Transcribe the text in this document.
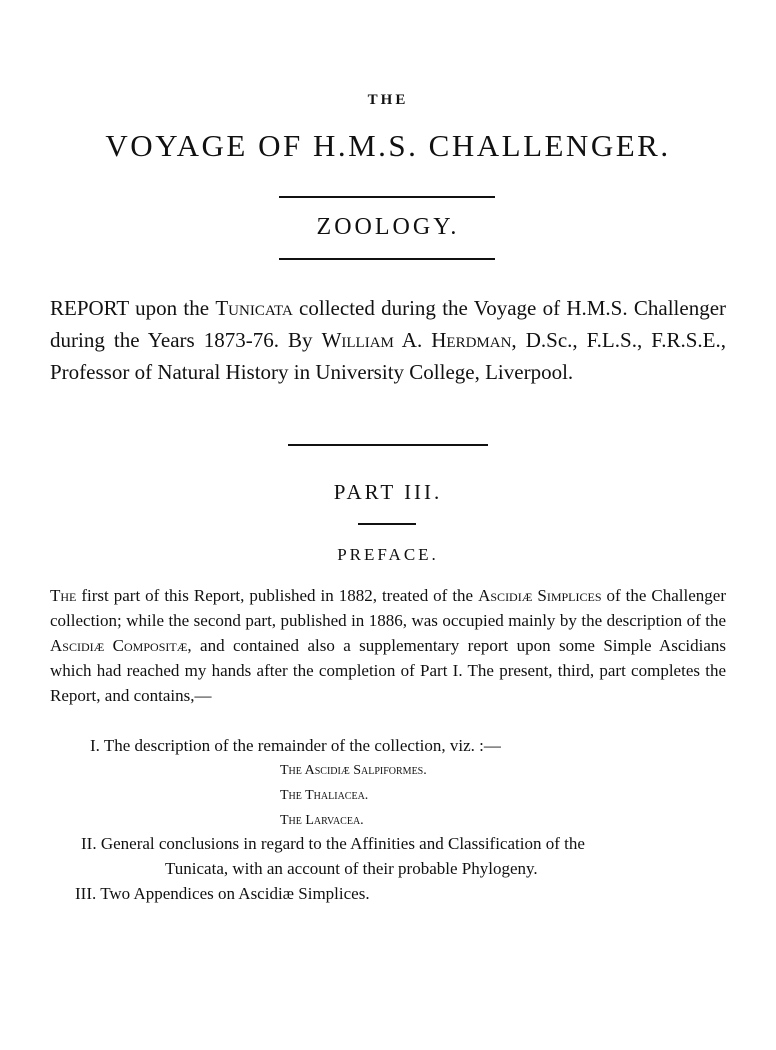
THE
VOYAGE OF H.M.S. CHALLENGER.
ZOOLOGY.
REPORT upon the Tunicata collected during the Voyage of H.M.S. Challenger during the Years 1873-76. By William A. Herdman, D.Sc., F.L.S., F.R.S.E., Professor of Natural History in University College, Liverpool.
PART III.
PREFACE.

The first part of this Report, published in 1882, treated of the Ascidiæ Simplices of the Challenger collection; while the second part, published in 1886, was occupied mainly by the description of the Ascidiæ Compositæ, and contained also a supplementary report upon some Simple Ascidians which had reached my hands after the completion of Part I. The present, third, part completes the Report, and contains,—

I. The description of the remainder of the collection, viz. :—
The Ascidiæ Salpiformes.
The Thaliacea.
The Larvacea.
II. General conclusions in regard to the Affinities and Classification of the
Tunicata, with an account of their probable Phylogeny.
III. Two Appendices on Ascidiæ Simplices.
